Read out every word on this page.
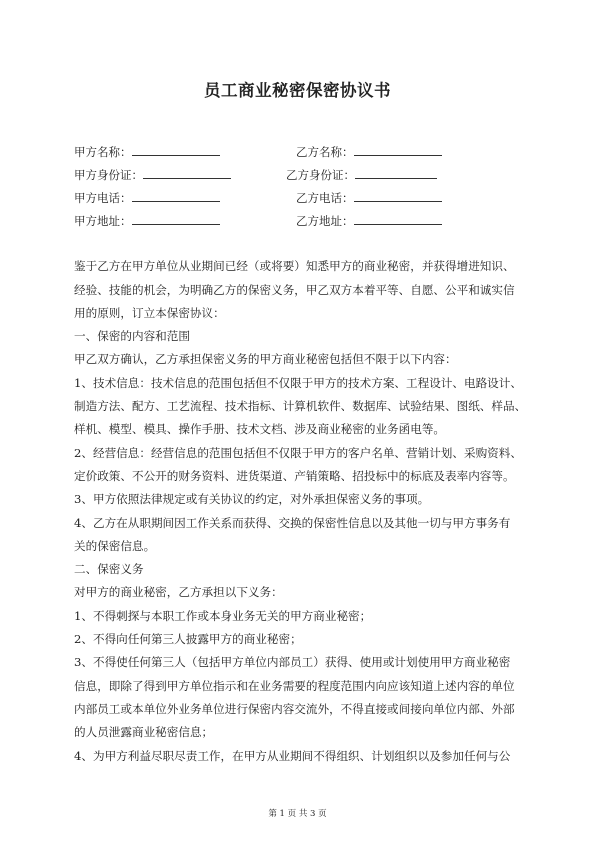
员工商业秘密保密协议书
甲方名称：	乙方名称：
甲方身份证：	乙方身份证：
甲方电话：	乙方电话：
甲方地址：	乙方地址：
鉴于乙方在甲方单位从业期间已经（或将要）知悉甲方的商业秘密，并获得增进知识、
经验、技能的机会，为明确乙方的保密义务，甲乙双方本着平等、自愿、公平和诚实信
用的原则，订立本保密协议：
一、保密的内容和范围
甲乙双方确认，乙方承担保密义务的甲方商业秘密包括但不限于以下内容：
1、技术信息：技术信息的范围包括但不仅限于甲方的技术方案、工程设计、电路设计、
制造方法、配方、工艺流程、技术指标、计算机软件、数据库、试验结果、图纸、样品、
样机、模型、模具、操作手册、技术文档、涉及商业秘密的业务函电等。
2、经营信息：经营信息的范围包括但不仅限于甲方的客户名单、营销计划、采购资料、
定价政策、不公开的财务资料、进货渠道、产销策略、招投标中的标底及表率内容等。
3、甲方依照法律规定或有关协议的约定，对外承担保密义务的事项。
4、乙方在从职期间因工作关系而获得、交换的保密性信息以及其他一切与甲方事务有
关的保密信息。
二、保密义务
对甲方的商业秘密，乙方承担以下义务：
1、不得刺探与本职工作或本身业务无关的甲方商业秘密；
2、不得向任何第三人披露甲方的商业秘密；
3、不得使任何第三人（包括甲方单位内部员工）获得、使用或计划使用甲方商业秘密
信息，即除了得到甲方单位指示和在业务需要的程度范围内向应该知道上述内容的单位
内部员工或本单位外业务单位进行保密内容交流外，不得直接或间接向单位内部、外部
的人员泄露商业秘密信息；
4、为甲方利益尽职尽责工作，在甲方从业期间不得组织、计划组织以及参加任何与公
第 1 页 共 3 页
